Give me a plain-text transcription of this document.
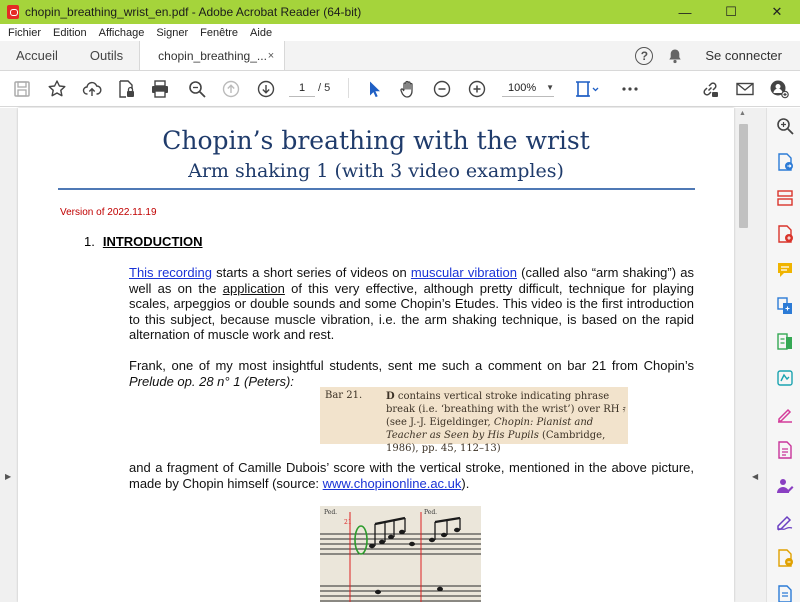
chopin_breathing_wrist_en.pdf - Adobe Acrobat Reader (64-bit)	—	☐	✕
Fichier Edition Affichage Signer Fenêtre Aide
Accueil	Outils	chopin_breathing_... ×	?	Se connecter
1	/ 5	100% ▼
▶
Chopin’s breathing with the wrist
Arm shaking 1 (with 3 video examples)
Version of 2022.11.19
1. INTRODUCTION
This recording starts a short series of videos on muscular vibration (called also “arm shaking”) as well as on the application of this very effective, although pretty difficult, technique for playing scales, arpeggios or double sounds and some Chopin’s Etudes. This video is the first introduction to this subject, because muscle vibration, i.e. the arm shaking technique, is based on the rapid alternation of muscle work and rest.
Frank, one of my most insightful students, sent me such a comment on bar 21 from Chopin’s Prelude op. 28 n° 1 (Peters):
Bar 21. D contains vertical stroke indicating phrase break (i.e. ‘breathing with the wrist’) over RH 𝄿 (see J.-J. Eigeldinger, Chopin: Pianist and Teacher as Seen by His Pupils (Cambridge, 1986), pp. 45, 112–13)
and a fragment of Camille Dubois’ score with the vertical stroke, mentioned in the above picture, made by Chopin himself (source: www.chopinonline.ac.uk).
Ped.	Ped.
21
▲
◀
